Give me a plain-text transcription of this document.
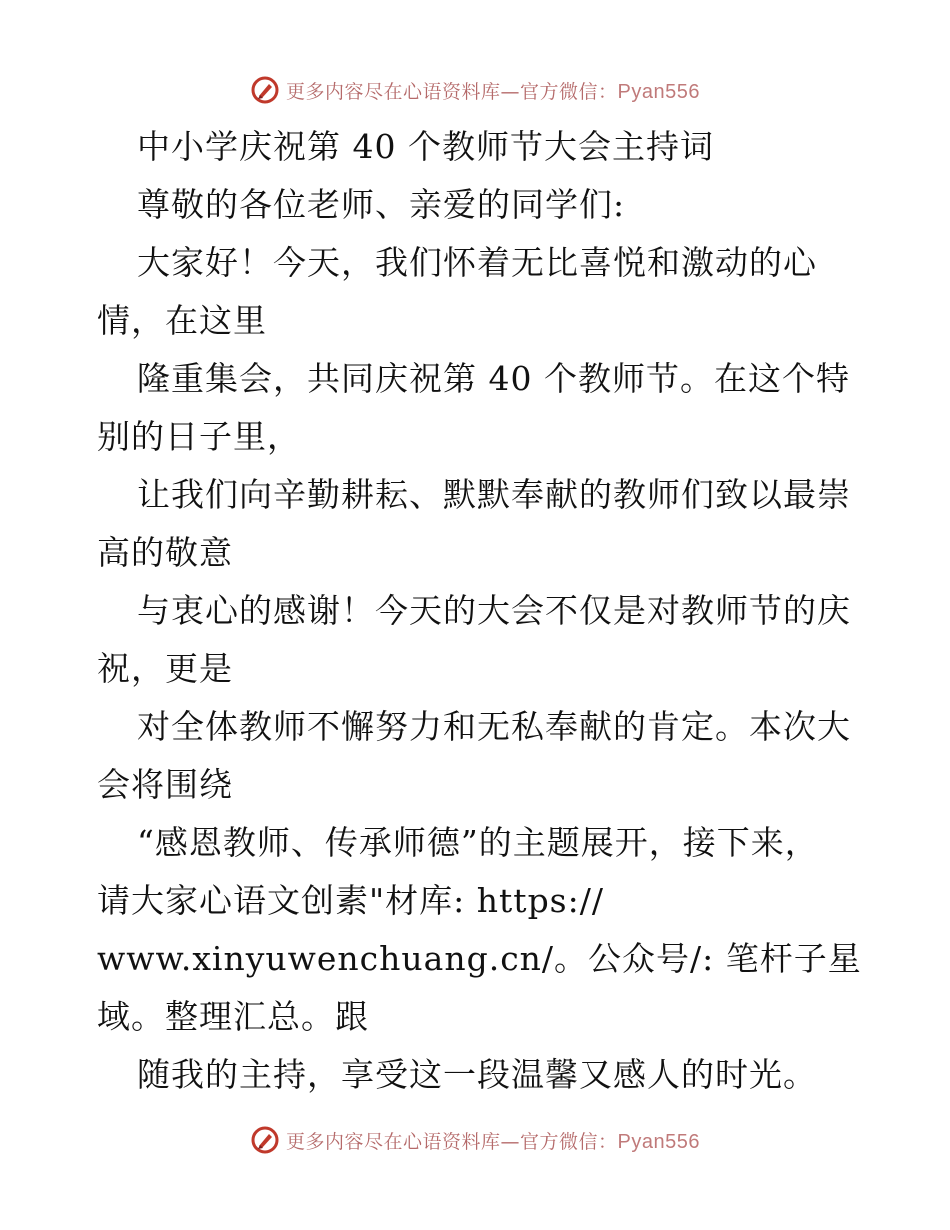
更多内容尽在心语资料库—官方微信：Pyan556
中小学庆祝第 40 个教师节大会主持词
尊敬的各位老师、亲爱的同学们:
大家好！今天，我们怀着无比喜悦和激动的心
情，在这里
隆重集会，共同庆祝第 40 个教师节。在这个特
别的日子里，
让我们向辛勤耕耘、默默奉献的教师们致以最崇
高的敬意
与衷心的感谢！今天的大会不仅是对教师节的庆
祝，更是
对全体教师不懈努力和无私奉献的肯定。本次大
会将围绕
“感恩教师、传承师德”的主题展开，接下来，
请大家心语文创素"材库: https://
www.xinyuwenchuang.cn/。公众号/: 笔杆子星
域。整理汇总。跟
随我的主持，享受这一段温馨又感人的时光。
更多内容尽在心语资料库—官方微信：Pyan556
